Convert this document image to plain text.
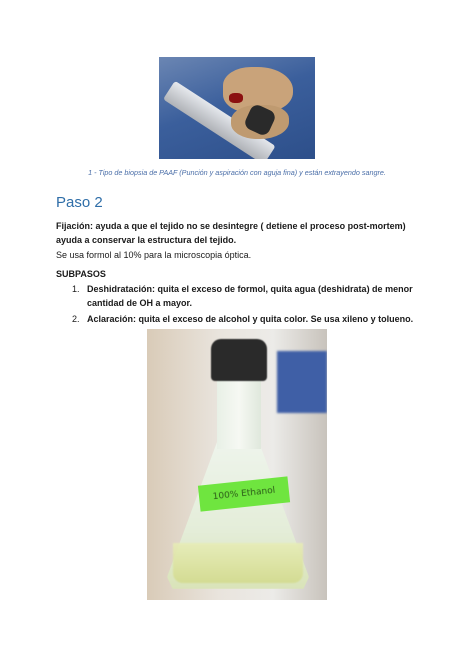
1 - Tipo de biopsia de PAAF (Punción y aspiración con aguja fina) y están extrayendo sangre.
Paso 2
Fijación: ayuda a que el tejido no se desintegre ( detiene el proceso post-mortem) ayuda a conservar la estructura del tejido.
Se usa formol al 10% para la microscopia óptica.
SUBPASOS
1. Deshidratación: quita el exceso de formol, quita agua (deshidrata) de menor cantidad de OH a mayor.
2. Aclaración: quita el exceso de alcohol y quita color. Se usa xileno y tolueno.
100% Ethanol
